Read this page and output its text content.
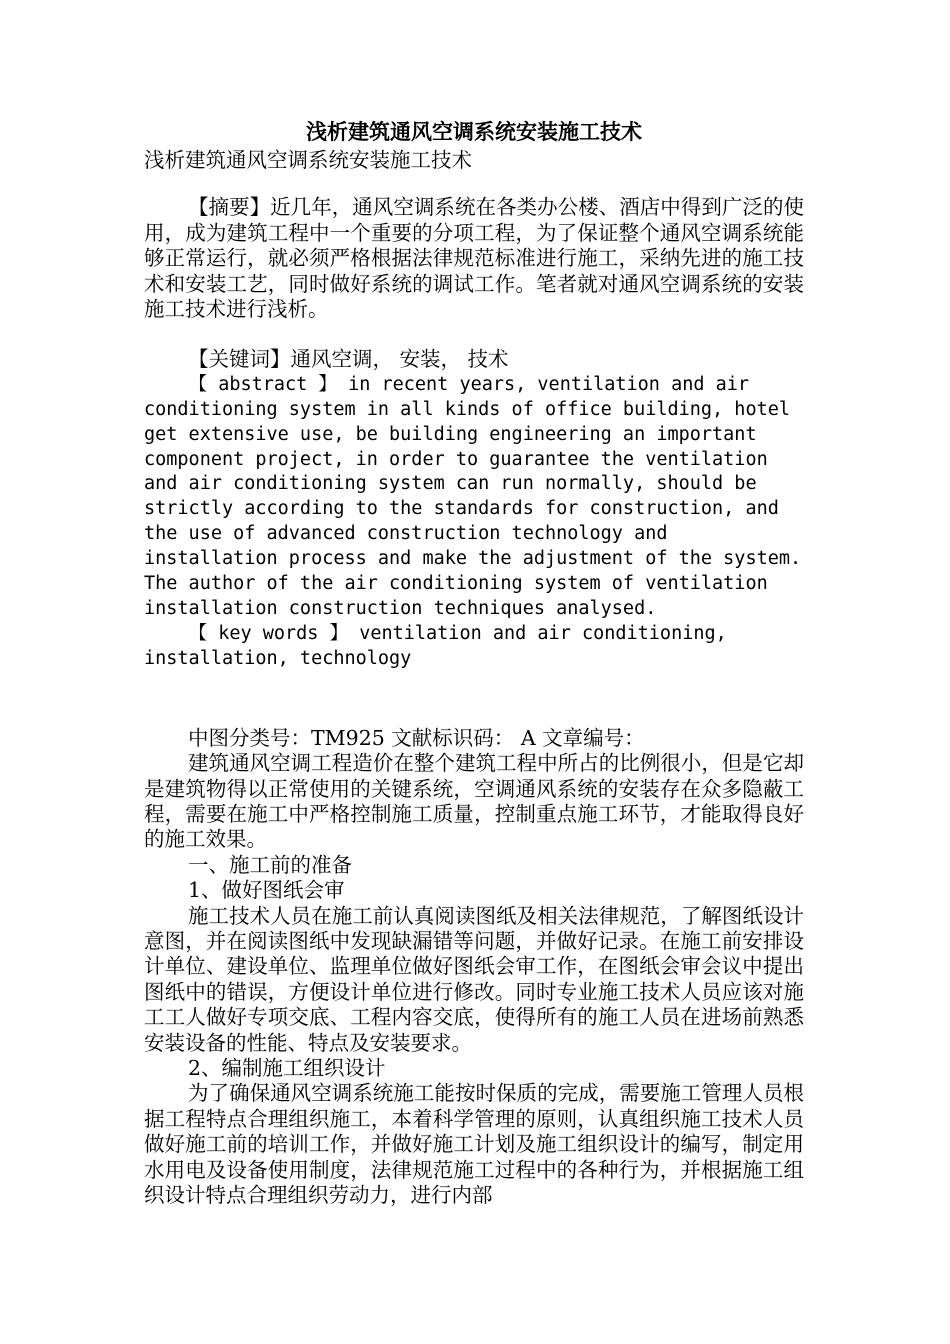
浅析建筑通风空调系统安装施工技术

浅析建筑通风空调系统安装施工技术

【摘要】近几年，通风空调系统在各类办公楼、酒店中得到广泛的使用，成为建筑工程中一个重要的分项工程，为了保证整个通风空调系统能够正常运行，就必须严格根据法律规范标准进行施工，采纳先进的施工技术和安装工艺，同时做好系统的调试工作。笔者就对通风空调系统的安装施工技术进行浅析。

【关键词】通风空调， 安装， 技术

【 abstract 】 in recent years, ventilation and air

conditioning system in all kinds of office building, hotel

get extensive use, be building engineering an important

component project, in order to guarantee the ventilation

and air conditioning system can run normally, should be

strictly according to the standards for construction, and

the use of advanced construction technology and

installation process and make the adjustment of the system.

The author of the air conditioning system of ventilation

installation construction techniques analysed.

【 key words 】 ventilation and air conditioning,

installation, technology

中图分类号：TM925 文献标识码： A 文章编号：

建筑通风空调工程造价在整个建筑工程中所占的比例很小，但是它却是建筑物得以正常使用的关键系统，空调通风系统的安装存在众多隐蔽工程，需要在施工中严格控制施工质量，控制重点施工环节，才能取得良好的施工效果。

一、施工前的准备

1、做好图纸会审

施工技术人员在施工前认真阅读图纸及相关法律规范，了解图纸设计意图，并在阅读图纸中发现缺漏错等问题，并做好记录。在施工前安排设计单位、建设单位、监理单位做好图纸会审工作，在图纸会审会议中提出图纸中的错误，方便设计单位进行修改。同时专业施工技术人员应该对施工工人做好专项交底、工程内容交底，使得所有的施工人员在进场前熟悉安装设备的性能、特点及安装要求。

2、编制施工组织设计

为了确保通风空调系统施工能按时保质的完成，需要施工管理人员根据工程特点合理组织施工，本着科学管理的原则，认真组织施工技术人员做好施工前的培训工作，并做好施工计划及施工组织设计的编写，制定用水用电及设备使用制度，法律规范施工过程中的各种行为，并根据施工组织设计特点合理组织劳动力，进行内部
